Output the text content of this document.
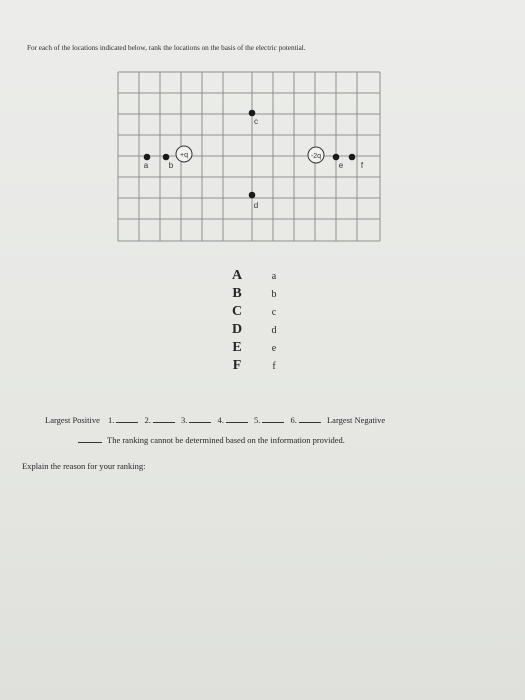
For each of the locations indicated below, rank the locations on the basis of the electric potential.
+q	-2q
a	b
c
d
e f
A	a
B	b
C	c
D	d
E	e
F	f
Largest Positive 1.	2.	3.	4.	5.	6.	Largest Negative
The ranking cannot be determined based on the information provided.
Explain the reason for your ranking:
